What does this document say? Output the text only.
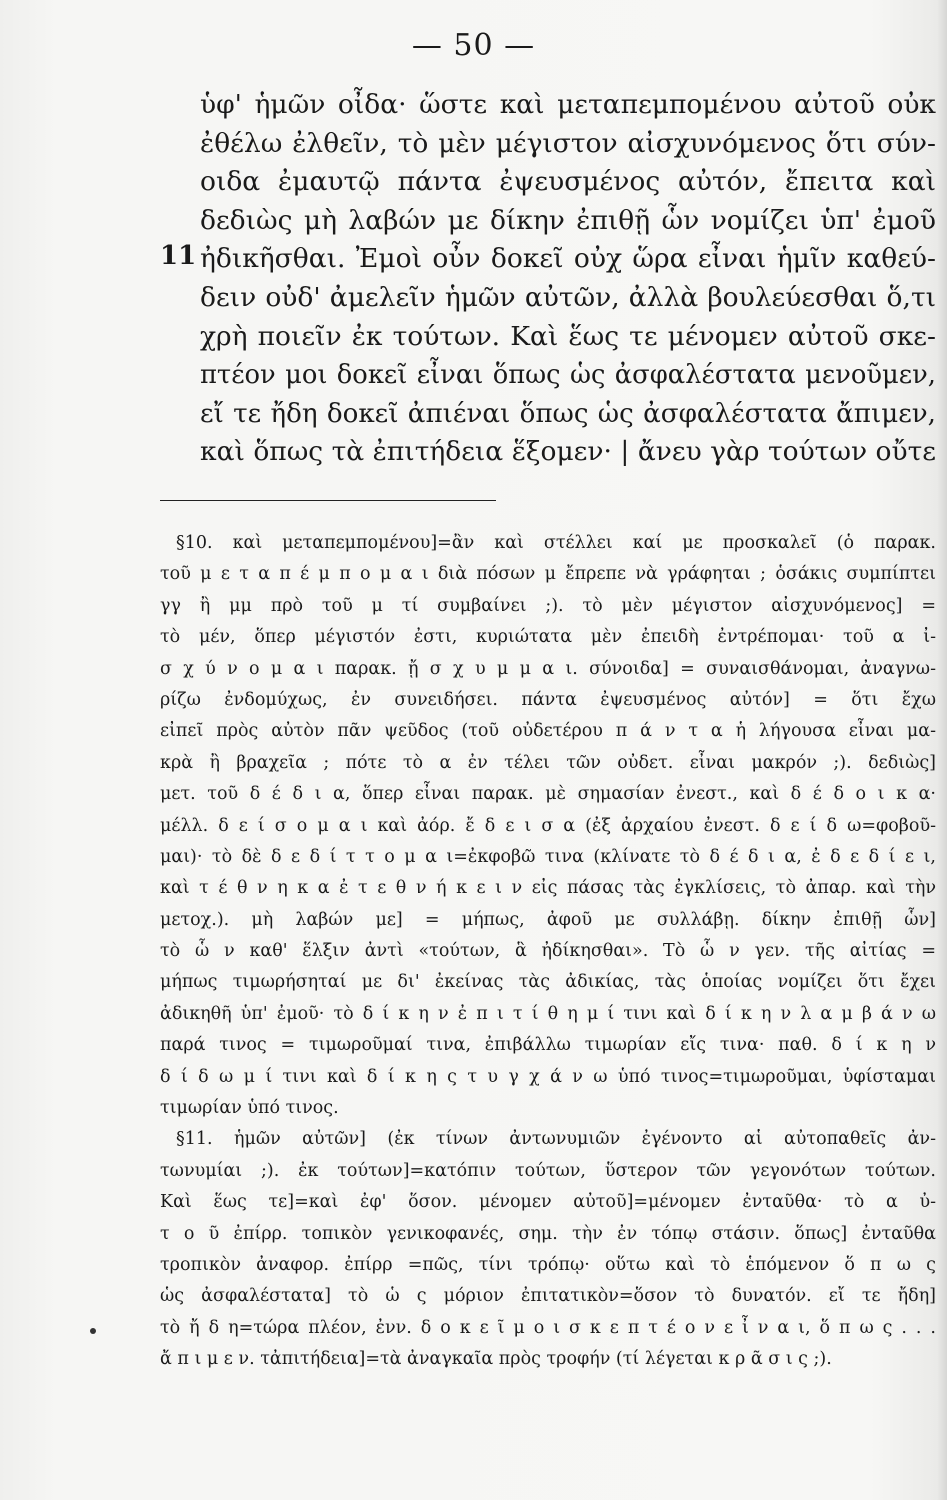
— 50 —
11
ὑφ' ἡμῶν οἶδα· ὥστε καὶ μεταπεμπομένου αὐτοῦ οὐκ
ἐθέλω ἐλθεῖν, τὸ μὲν μέγιστον αἰσχυνόμενος ὅτι σύν-
οιδα ἐμαυτῷ πάντα ἐψευσμένος αὐτόν, ἔπειτα καὶ
δεδιὼς μὴ λαβών με δίκην ἐπιθῇ ὧν νομίζει ὑπ' ἐμοῦ
ἠδικῆσθαι. Ἐμοὶ οὖν δοκεῖ οὐχ ὥρα εἶναι ἡμῖν καθεύ-
δειν οὐδ' ἀμελεῖν ἡμῶν αὐτῶν, ἀλλὰ βουλεύεσθαι ὅ,τι
χρὴ ποιεῖν ἐκ τούτων. Καὶ ἕως τε μένομεν αὐτοῦ σκε-
πτέον μοι δοκεῖ εἶναι ὅπως ὡς ἀσφαλέστατα μενοῦμεν,
εἴ τε ἤδη δοκεῖ ἀπιέναι ὅπως ὡς ἀσφαλέστατα ἄπιμεν,
καὶ ὅπως τὰ ἐπιτήδεια ἕξομεν· | ἄνευ γὰρ τούτων οὔτε
§10. καὶ μεταπεμπομένου]=ἂν καὶ στέλλει καί με προσκαλεῖ (ὁ παρακ.
τοῦ μ ε τ α π έ μ π ο μ α ι διὰ πόσων μ ἔπρεπε νὰ γράφηται ; ὁσάκις συμπίπτει
γγ ἢ μμ πρὸ τοῦ μ τί συμβαίνει ;). τὸ μὲν μέγιστον αἰσχυνόμενος] =
τὸ μέν, ὅπερ μέγιστόν ἐστι, κυριώτατα μὲν ἐπειδὴ ἐντρέπομαι· τοῦ α ἰ-
σ χ ύ ν ο μ α ι παρακ. ᾔ σ χ υ μ μ α ι. σύνοιδα] = συναισθάνομαι, ἀναγνω-
ρίζω ἐνδομύχως, ἐν συνειδήσει. πάντα ἐψευσμένος αὐτόν] = ὅτι ἔχω
εἰπεῖ πρὸς αὐτὸν πᾶν ψεῦδος (τοῦ οὐδετέρου π ά ν τ α ἡ λήγουσα εἶναι μα-
κρὰ ἢ βραχεῖα ; πότε τὸ α ἐν τέλει τῶν οὐδετ. εἶναι μακρόν ;). δεδιὼς]
μετ. τοῦ δ έ δ ι α, ὅπερ εἶναι παρακ. μὲ σημασίαν ἐνεστ., καὶ δ έ δ ο ι κ α·
μέλλ. δ ε ί σ ο μ α ι καὶ ἀόρ. ἔ δ ε ι σ α (ἐξ ἀρχαίου ἐνεστ. δ ε ί δ ω=φοβοῦ-
μαι)· τὸ δὲ δ ε δ ί τ τ ο μ α ι=ἐκφοβῶ τινα (κλίνατε τὸ δ έ δ ι α, ἐ δ ε δ ί ε ι,
καὶ τ έ θ ν η κ α ἐ τ ε θ ν ή κ ε ι ν εἰς πάσας τὰς ἐγκλίσεις, τὸ ἀπαρ. καὶ τὴν
μετοχ.). μὴ λαβών με] = μήπως, ἀφοῦ με συλλάβῃ. δίκην ἐπιθῇ ὧν]
τὸ ὧ ν καθ' ἕλξιν ἀντὶ «τούτων, ἃ ἠδίκησθαι». Τὸ ὧ ν γεν. τῆς αἰτίας =
μήπως τιμωρήσηταί με δι' ἐκείνας τὰς ἀδικίας, τὰς ὁποίας νομίζει ὅτι ἔχει
ἀδικηθῆ ὑπ' ἐμοῦ· τὸ δ ί κ η ν ἐ π ι τ ί θ η μ ί τινι καὶ δ ί κ η ν λ α μ β ά ν ω
παρά τινος = τιμωροῦμαί τινα, ἐπιβάλλω τιμωρίαν εἴς τινα· παθ. δ ί κ η ν
δ ί δ ω μ ί τινι καὶ δ ί κ η ς τ υ γ χ ά ν ω ὑπό τινος=τιμωροῦμαι, ὑφίσταμαι
τιμωρίαν ὑπό τινος.
§11. ἡμῶν αὐτῶν] (ἐκ τίνων ἀντωνυμιῶν ἐγένοντο αἱ αὐτοπαθεῖς ἀν-
τωνυμίαι ;). ἐκ τούτων]=κατόπιν τούτων, ὕστερον τῶν γεγονότων τούτων.
Καὶ ἕως τε]=καὶ ἐφ' ὅσον. μένομεν αὐτοῦ]=μένομεν ἐνταῦθα· τὸ α ὐ-
τ ο ῦ ἐπίρρ. τοπικὸν γενικοφανές, σημ. τὴν ἐν τόπῳ στάσιν. ὅπως] ἐνταῦθα
τροπικὸν ἀναφορ. ἐπίρρ =πῶς, τίνι τρόπῳ· οὕτω καὶ τὸ ἑπόμενον ὅ π ω ς
ὡς ἀσφαλέστατα] τὸ ὡ ς μόριον ἐπιτατικὸν=ὅσον τὸ δυνατόν. εἴ τε ἤδη]
τὸ ἤ δ η=τώρα πλέον, ἐνν. δ ο κ ε ῖ μ ο ι σ κ ε π τ έ ο ν ε ἶ ν α ι, ὅ π ω ς . . .
ἄ π ι μ ε ν. τἀπιτήδεια]=τὰ ἀναγκαῖα πρὸς τροφήν (τί λέγεται κ ρ ᾶ σ ι ς ;).
